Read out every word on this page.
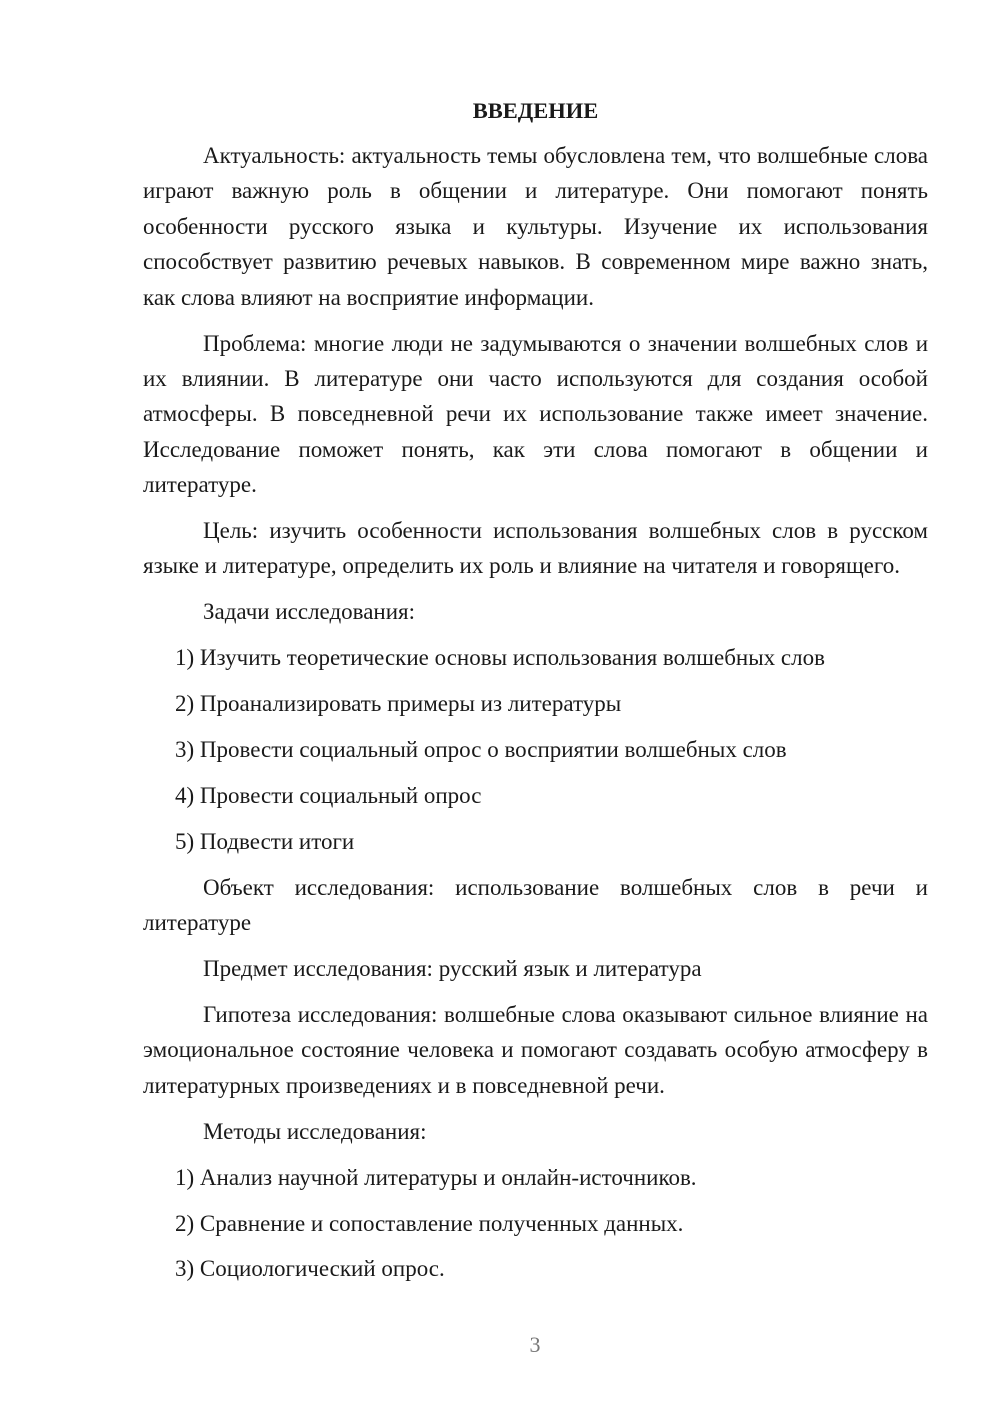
ВВЕДЕНИЕ

Актуальность: актуальность темы обусловлена тем, что волшебные слова играют важную роль в общении и литературе. Они помогают понять особенности русского языка и культуры. Изучение их использования способствует развитию речевых навыков. В современном мире важно знать, как слова влияют на восприятие информации.

Проблема: многие люди не задумываются о значении волшебных слов и их влиянии. В литературе они часто используются для создания особой атмосферы. В повседневной речи их использование также имеет значение. Исследование поможет понять, как эти слова помогают в общении и литературе.

Цель: изучить особенности использования волшебных слов в русском языке и литературе, определить их роль и влияние на читателя и говорящего.

Задачи исследования:

1) Изучить теоретические основы использования волшебных слов

2) Проанализировать примеры из литературы

3) Провести социальный опрос о восприятии волшебных слов

4) Провести социальный опрос

5) Подвести итоги

Объект исследования: использование волшебных слов в речи и литературе

Предмет исследования: русский язык и литература

Гипотеза исследования: волшебные слова оказывают сильное влияние на эмоциональное состояние человека и помогают создавать особую атмосферу в литературных произведениях и в повседневной речи.

Методы исследования:

1) Анализ научной литературы и онлайн-источников.

2) Сравнение и сопоставление полученных данных.

3) Социологический опрос.

3
